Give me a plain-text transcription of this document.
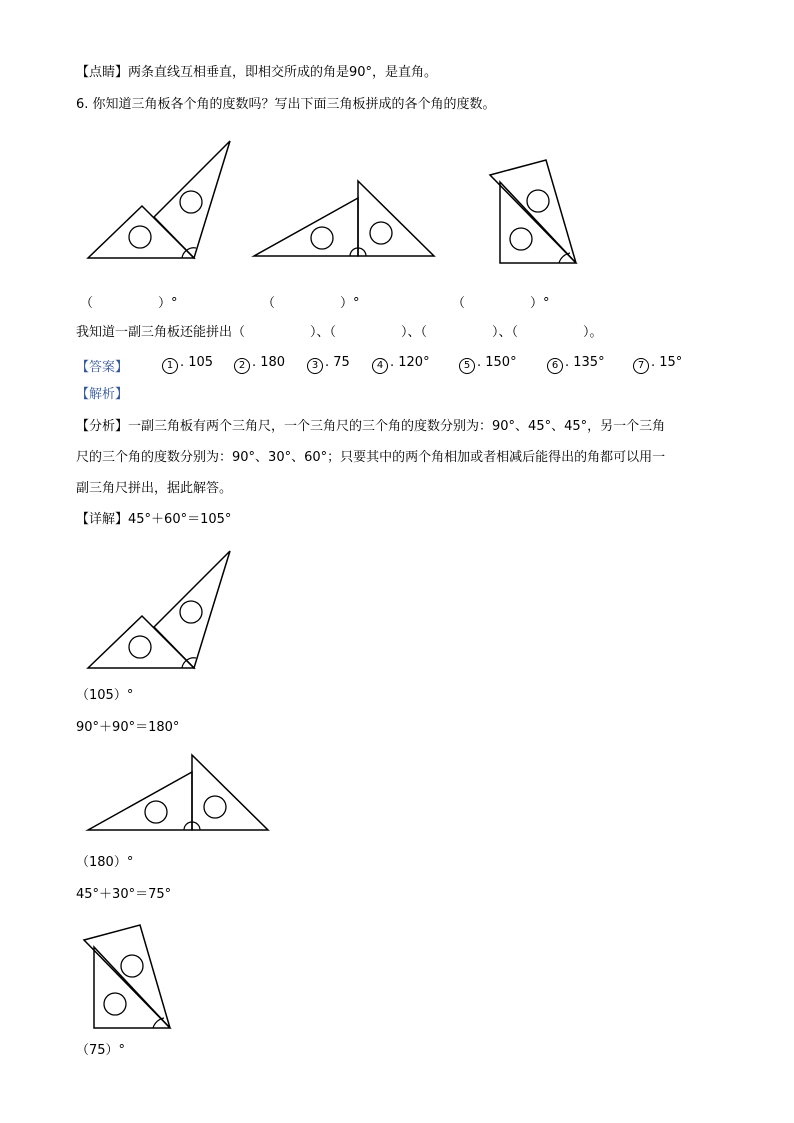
【点睛】两条直线互相垂直，即相交所成的角是90°，是直角。
6. 你知道三角板各个角的度数吗？写出下面三角板拼成的各个角的度数。
（　　　　　）°	（　　　　　）°	（　　　　　）°
我知道一副三角板还能拼出（　　　　　）、（　　　　　）、（　　　　　）、（　　　　　）。
【答案】	1 . 105	2 . 180	3 . 75	4 . 120°	5 . 150°	6 . 135°	7 . 15°
【解析】
【分析】一副三角板有两个三角尺，一个三角尺的三个角的度数分别为：90°、45°、45°，另一个三角
尺的三个角的度数分别为：90°、30°、60°；只要其中的两个角相加或者相减后能得出的角都可以用一
副三角尺拼出，据此解答。
【详解】45°＋60°＝105°
（105）°
90°＋90°＝180°
（180）°
45°＋30°＝75°
（75）°
